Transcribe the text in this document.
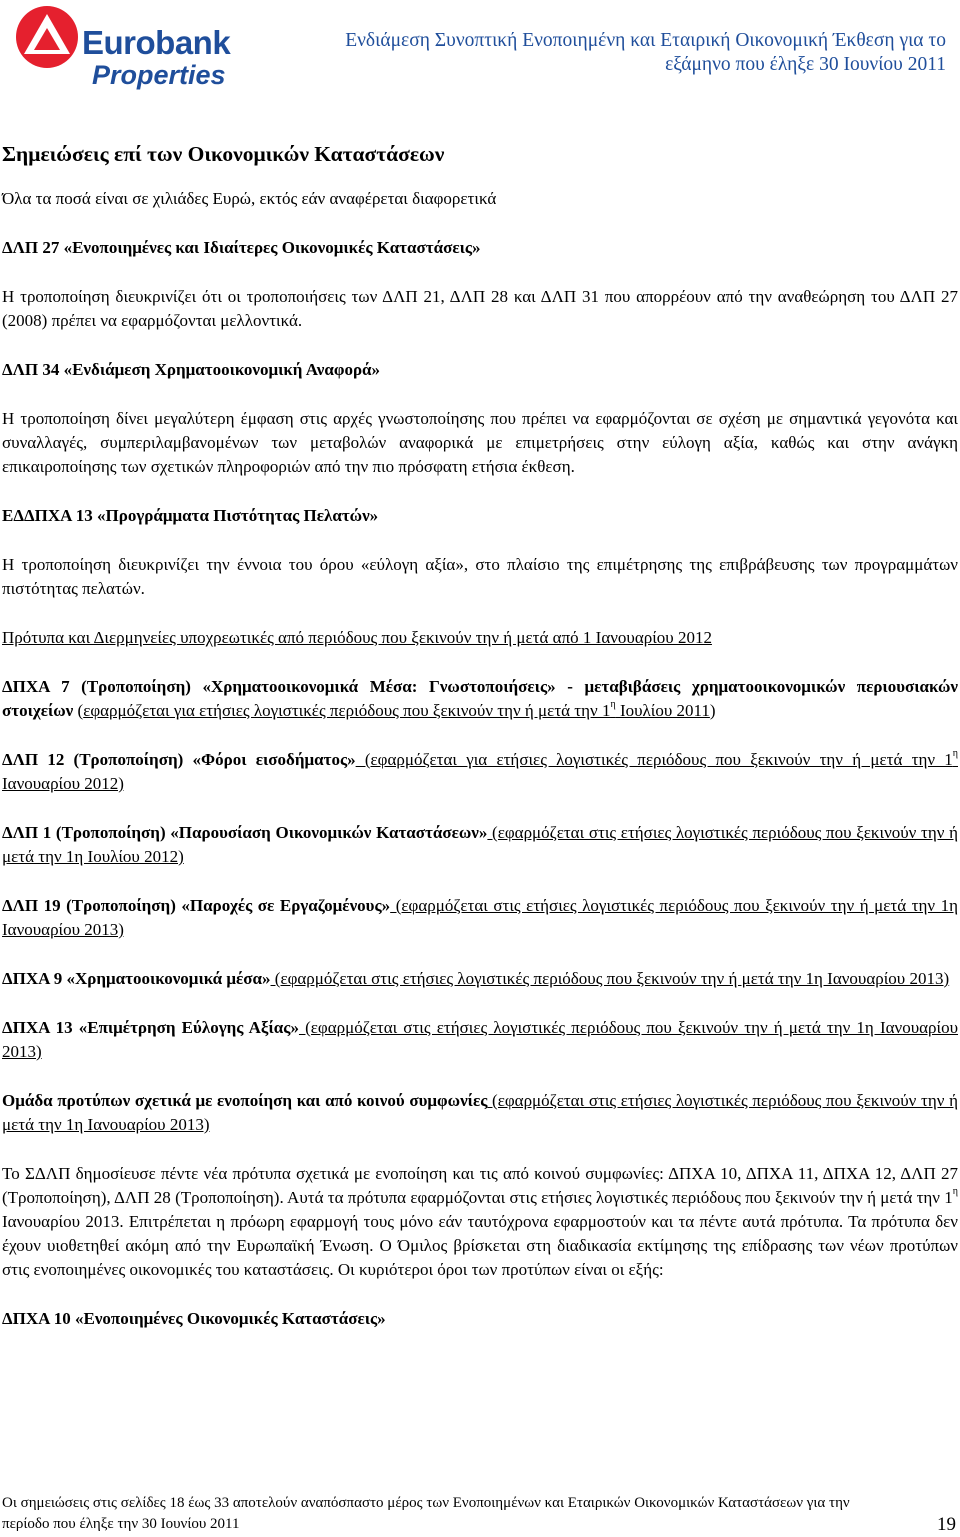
Eurobank
Properties
Ενδιάμεση Συνοπτική Ενοποιημένη και Εταιρική Οικονομική Έκθεση για το
εξάμηνο που έληξε 30 Ιουνίου 2011

Σημειώσεις επί των Οικονομικών Καταστάσεων

Όλα τα ποσά είναι σε χιλιάδες Ευρώ, εκτός εάν αναφέρεται διαφορετικά

ΔΛΠ 27 «Ενοποιημένες και Ιδιαίτερες Οικονομικές Καταστάσεις»

Η τροποποίηση διευκρινίζει ότι οι τροποποιήσεις των ΔΛΠ 21, ΔΛΠ 28 και ΔΛΠ 31 που απορρέουν από την αναθεώρηση του ΔΛΠ 27 (2008) πρέπει να εφαρμόζονται μελλοντικά.

ΔΛΠ 34 «Ενδιάμεση Χρηματοοικονομική Αναφορά»

Η τροποποίηση δίνει μεγαλύτερη έμφαση στις αρχές γνωστοποίησης που πρέπει να εφαρμόζονται σε σχέση με σημαντικά γεγονότα και συναλλαγές, συμπεριλαμβανομένων των μεταβολών αναφορικά με επιμετρήσεις στην εύλογη αξία, καθώς και στην ανάγκη επικαιροποίησης των σχετικών πληροφοριών από την πιο πρόσφατη ετήσια έκθεση.

ΕΔΔΠΧΑ 13 «Προγράμματα Πιστότητας Πελατών»

Η τροποποίηση διευκρινίζει την έννοια του όρου «εύλογη αξία», στο πλαίσιο της επιμέτρησης της επιβράβευσης των προγραμμάτων πιστότητας πελατών.

Πρότυπα και Διερμηνείες υποχρεωτικές από περιόδους που ξεκινούν την ή μετά από 1 Ιανουαρίου 2012

ΔΠΧΑ 7 (Τροποποίηση) «Χρηματοοικονομικά Μέσα: Γνωστοποιήσεις» - μεταβιβάσεις χρηματοοικονομικών περιουσιακών στοιχείων (εφαρμόζεται για ετήσιες λογιστικές περιόδους που ξεκινούν την ή μετά την $1^\eta$ Ιουλίου 2011)

ΔΛΠ 12 (Τροποποίηση) «Φόροι εισοδήματος» (εφαρμόζεται για ετήσιες λογιστικές περιόδους που ξεκινούν την ή μετά την $1^\eta$ Ιανουαρίου 2012)

ΔΛΠ 1 (Τροποποίηση) «Παρουσίαση Οικονομικών Καταστάσεων» (εφαρμόζεται στις ετήσιες λογιστικές περιόδους που ξεκινούν την ή μετά την 1η Ιουλίου 2012)

ΔΛΠ 19 (Τροποποίηση) «Παροχές σε Εργαζομένους» (εφαρμόζεται στις ετήσιες λογιστικές περιόδους που ξεκινούν την ή μετά την 1η Ιανουαρίου 2013)

ΔΠΧΑ 9 «Χρηματοοικονομικά μέσα» (εφαρμόζεται στις ετήσιες λογιστικές περιόδους που ξεκινούν την ή μετά την 1η Ιανουαρίου 2013)

ΔΠΧΑ 13 «Επιμέτρηση Εύλογης Αξίας» (εφαρμόζεται στις ετήσιες λογιστικές περιόδους που ξεκινούν την ή μετά την 1η Ιανουαρίου 2013)

Ομάδα προτύπων σχετικά με ενοποίηση και από κοινού συμφωνίες (εφαρμόζεται στις ετήσιες λογιστικές περιόδους που ξεκινούν την ή μετά την 1η Ιανουαρίου 2013)

Το ΣΔΛΠ δημοσίευσε πέντε νέα πρότυπα σχετικά με ενοποίηση και τις από κοινού συμφωνίες: ΔΠΧΑ 10, ΔΠΧΑ 11, ΔΠΧΑ 12, ΔΛΠ 27 (Τροποποίηση), ΔΛΠ 28 (Τροποποίηση). Αυτά τα πρότυπα εφαρμόζονται στις ετήσιες λογιστικές περιόδους που ξεκινούν την ή μετά την $1^\eta$ Ιανουαρίου 2013. Επιτρέπεται η πρόωρη εφαρμογή τους μόνο εάν ταυτόχρονα εφαρμοστούν και τα πέντε αυτά πρότυπα. Τα πρότυπα δεν έχουν υιοθετηθεί ακόμη από την Ευρωπαϊκή Ένωση. Ο Όμιλος βρίσκεται στη διαδικασία εκτίμησης της επίδρασης των νέων προτύπων στις ενοποιημένες οικονομικές του καταστάσεις. Οι κυριότεροι όροι των προτύπων είναι οι εξής:

ΔΠΧΑ 10 «Ενοποιημένες Οικονομικές Καταστάσεις»

Οι σημειώσεις στις σελίδες 18 έως 33 αποτελούν αναπόσπαστο μέρος των Ενοποιημένων και Εταιρικών Οικονομικών Καταστάσεων για την
περίοδο που έληξε την 30 Ιουνίου 2011	19
